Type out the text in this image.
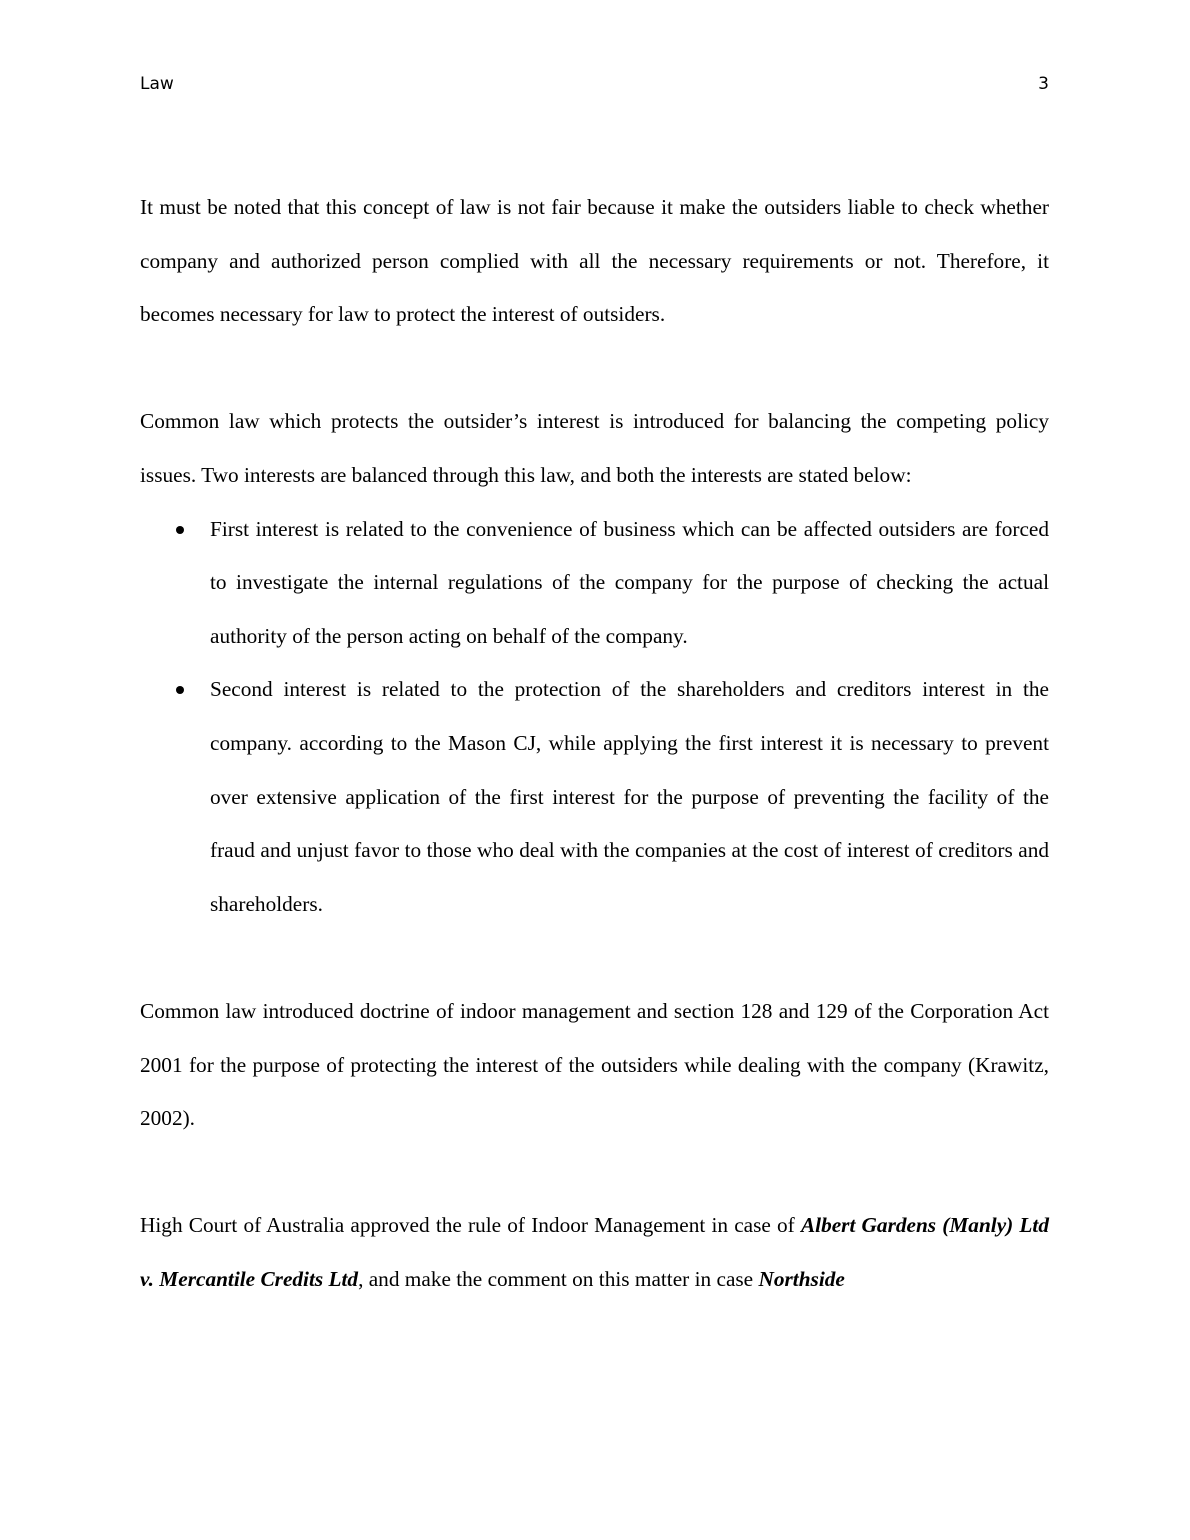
Law	3

It must be noted that this concept of law is not fair because it make the outsiders liable to check whether company and authorized person complied with all the necessary requirements or not. Therefore, it becomes necessary for law to protect the interest of outsiders.

Common law which protects the outsider’s interest is introduced for balancing the competing policy issues. Two interests are balanced through this law, and both the interests are stated below:

First interest is related to the convenience of business which can be affected outsiders are forced to investigate the internal regulations of the company for the purpose of checking the actual authority of the person acting on behalf of the company.
Second interest is related to the protection of the shareholders and creditors interest in the company. according to the Mason CJ, while applying the first interest it is necessary to prevent over extensive application of the first interest for the purpose of preventing the facility of the fraud and unjust favor to those who deal with the companies at the cost of interest of creditors and shareholders.

Common law introduced doctrine of indoor management and section 128 and 129 of the Corporation Act 2001 for the purpose of protecting the interest of the outsiders while dealing with the company (Krawitz, 2002).

High Court of Australia approved the rule of Indoor Management in case of Albert Gardens (Manly) Ltd v. Mercantile Credits Ltd, and make the comment on this matter in case Northside
